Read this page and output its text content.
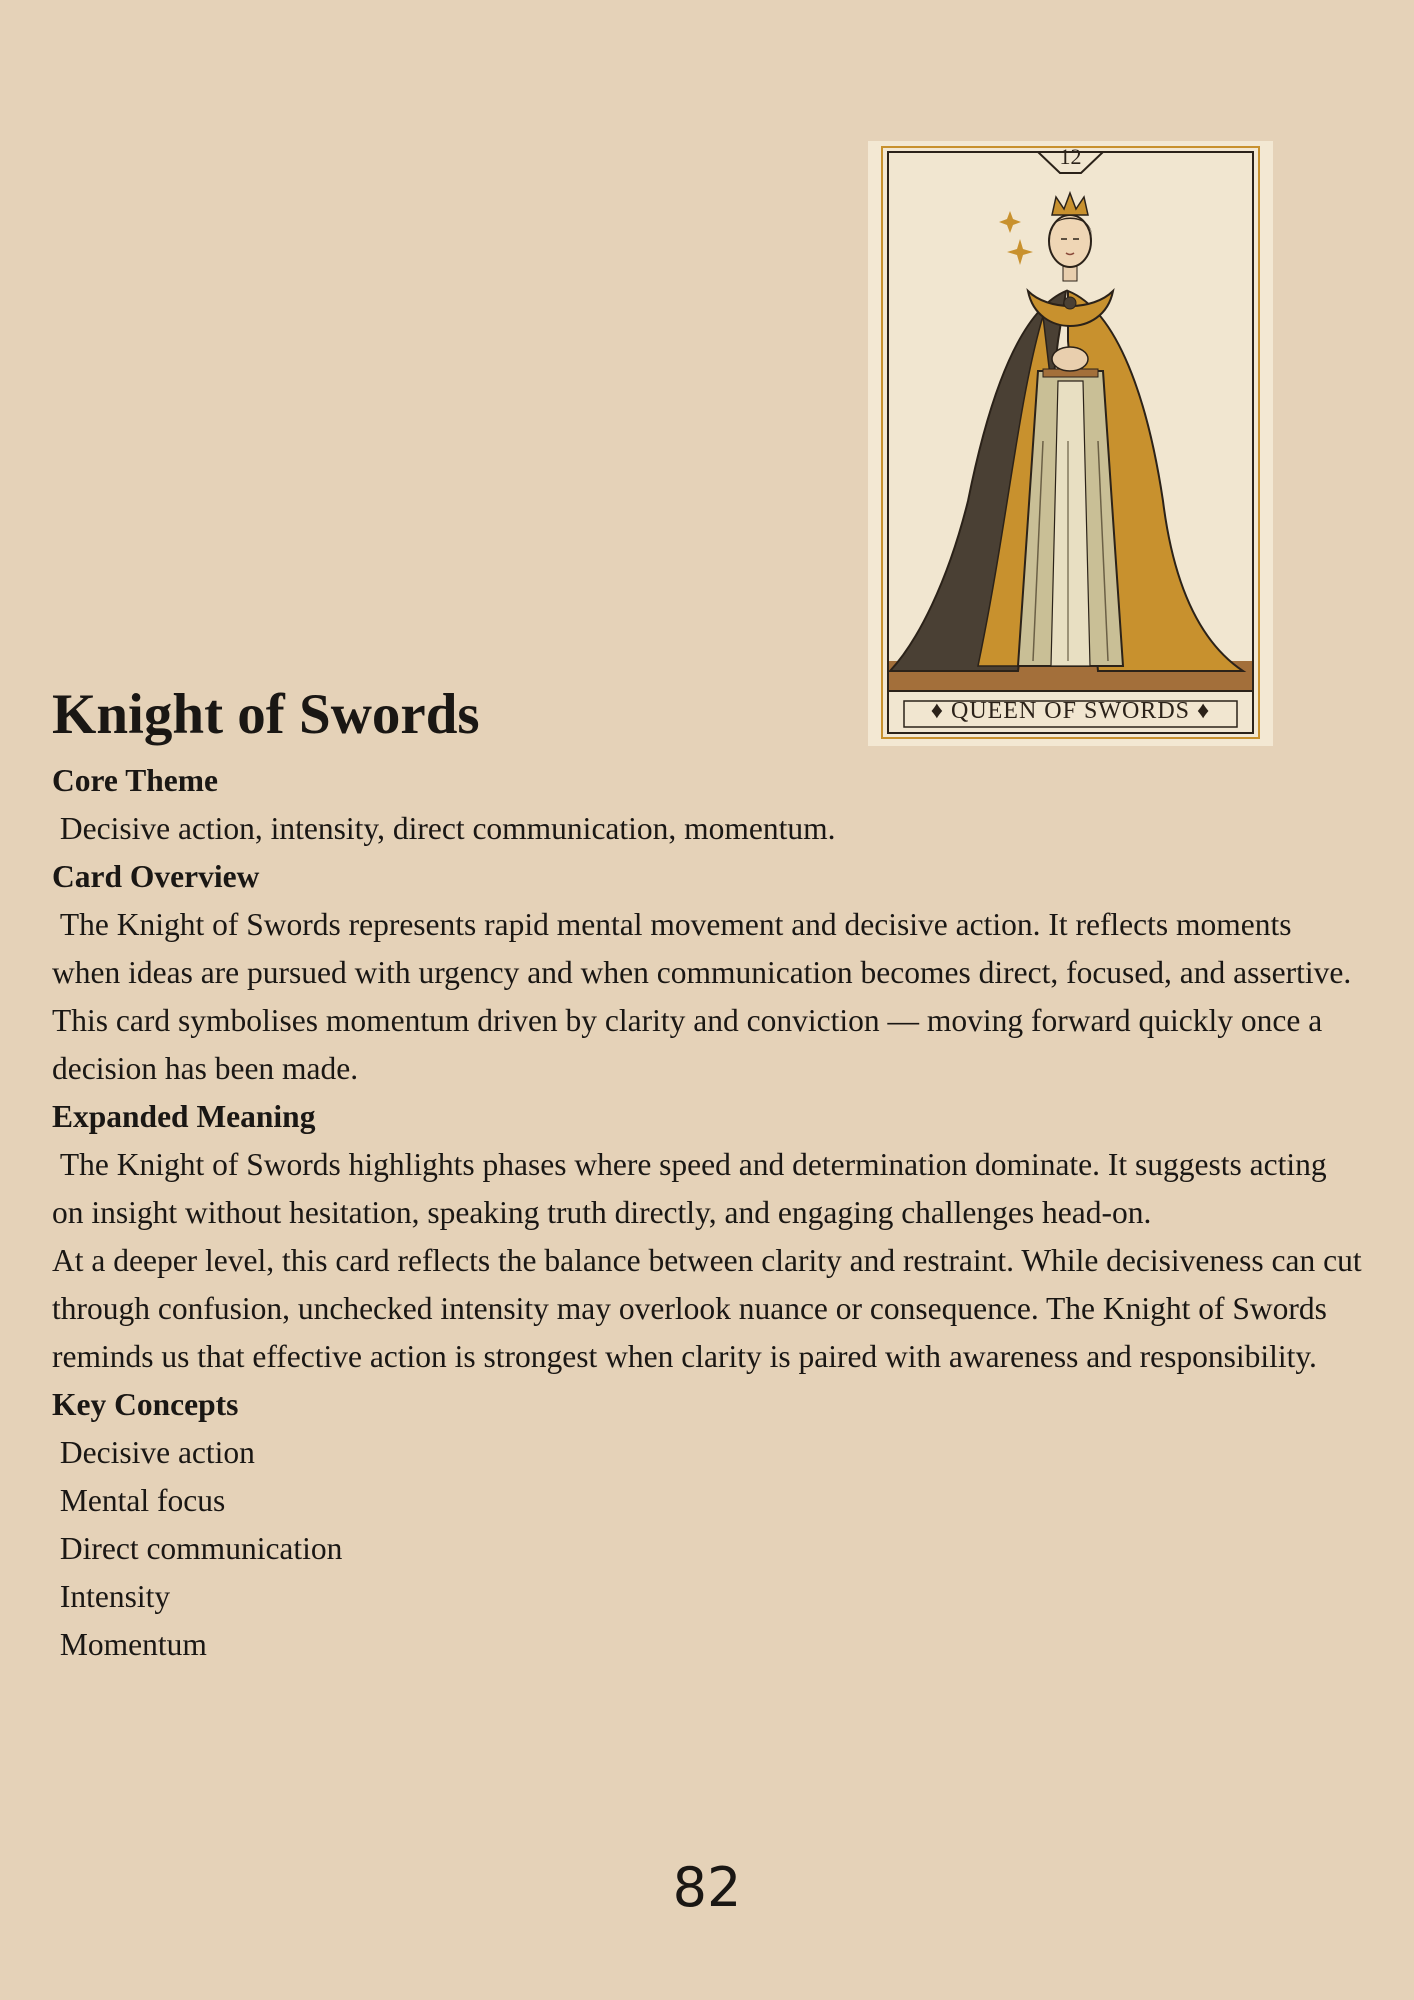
12
♦ QUEEN OF SWORDS ♦
Knight of Swords
Core Theme

Decisive action, intensity, direct communication, momentum.

Card Overview

The Knight of Swords represents rapid mental movement and decisive action. It reflects moments when ideas are pursued with urgency and when communication becomes direct, focused, and assertive.

This card symbolises momentum driven by clarity and conviction — moving forward quickly once a decision has been made.

Expanded Meaning

The Knight of Swords highlights phases where speed and determination dominate. It suggests acting on insight without hesitation, speaking truth directly, and engaging challenges head-on.

At a deeper level, this card reflects the balance between clarity and restraint. While decisiveness can cut through confusion, unchecked intensity may overlook nuance or consequence. The Knight of Swords reminds us that effective action is strongest when clarity is paired with awareness and responsibility.

Key Concepts
Decisive action
Mental focus
Direct communication
Intensity
Momentum
82
